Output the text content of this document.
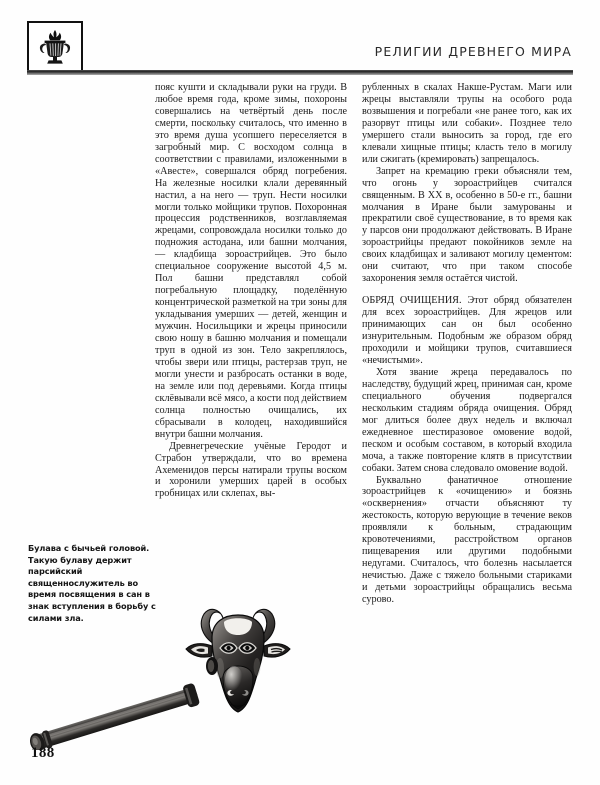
РЕЛИГИИ ДРЕВНЕГО МИРА

пояс кушти и складывали руки на груди. В любое время года, кроме зимы, похороны совершались на четвёртый день после смерти, поскольку считалось, что именно в это время душа усопшего переселяется в загробный мир. С восходом солнца в соответствии с правилами, изложенными в «Авесте», совершался обряд погребения. На железные носилки клали деревянный настил, а на него — труп. Нести носилки могли только мойщики трупов. Похоронная процессия родственников, возглавляемая жрецами, сопровождала носилки только до подножия астодана, или башни молчания, — кладбища зороастрийцев. Это было специальное сооружение высотой 4,5 м. Пол башни представлял собой погребальную площадку, поделённую концентрической разметкой на три зоны для укладывания умерших — детей, женщин и мужчин. Носильщики и жрецы приносили свою ношу в башню молчания и помещали труп в одной из зон. Тело закреплялось, чтобы звери или птицы, растерзав труп, не могли унести и разбросать останки в воде, на земле или под деревьями. Когда птицы склёвывали всё мясо, а кости под действием солнца полностью очищались, их сбрасывали в колодец, находившийся внутри башни молчания.

Древнегреческие учёные Геродот и Страбон утверждали, что во времена Ахеменидов персы натирали трупы воском и хоронили умерших царей в особых гробницах или склепах, вы-

рубленных в скалах Накше-Рустам. Маги или жрецы выставляли трупы на особого рода возвышения и погребали «не ранее того, как их разорвут птицы или собаки». Позднее тело умершего стали выносить за город, где его клевали хищные птицы; класть тело в могилу или сжигать (кремировать) запрещалось.

Запрет на кремацию греки объясняли тем, что огонь у зороастрийцев считался священным. В XX в, особенно в 50-е гг., башни молчания в Иране были замурованы и прекратили своё существование, в то время как у парсов они продолжают действовать. В Иране зороастрийцы предают покойников земле на своих кладбищах и заливают могилу цементом: они считают, что при таком способе захоронения земля остаётся чистой.

ОБРЯД ОЧИЩЕНИЯ. Этот обряд обязателен для всех зороастрийцев. Для жрецов или принимающих сан он был особенно изнурительным. Подобным же образом обряд проходили и мойщики трупов, считавшиеся «нечистыми».

Хотя звание жреца передавалось по наследству, будущий жрец, принимая сан, кроме специального обучения подвергался нескольким стадиям обряда очищения. Обряд мог длиться более двух недель и включал ежедневное шестиразовое омовение водой, песком и особым составом, в который входила моча, а также повторение клятв в присутствии собаки. Затем снова следовало омовение водой.

Буквально фанатичное отношение зороастрийцев к «очищению» и боязнь «осквернения» отчасти объясняют ту жестокость, которую верующие в течение веков проявляли к больным, страдающим кровотечениями, расстройством органов пищеварения или другими подобными недугами. Считалось, что болезнь насылается нечистью. Даже с тяжело больными стариками и детьми зороастрийцы обращались весьма сурово.

Булава с бычьей головой. Такую булаву держит парсийский священнослужитель во время посвящения в сан в знак вступления в борьбу с силами зла.
188
